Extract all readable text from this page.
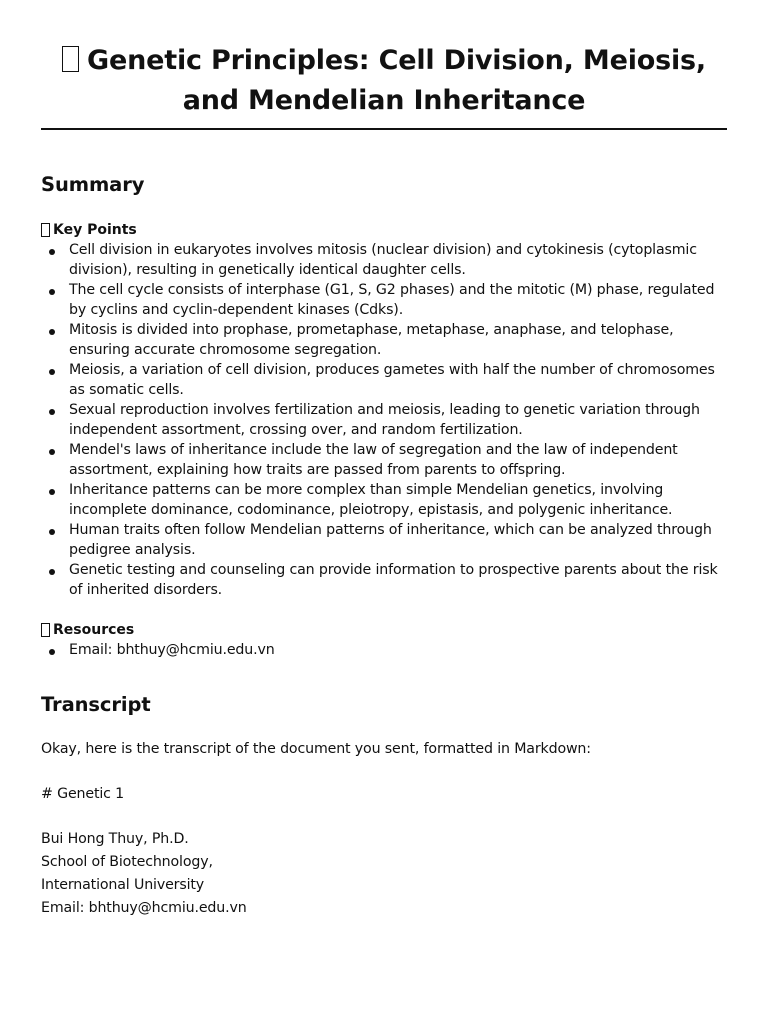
Genetic Principles: Cell Division, Meiosis, and Mendelian Inheritance
Summary
Key Points
Cell division in eukaryotes involves mitosis (nuclear division) and cytokinesis (cytoplasmic division), resulting in genetically identical daughter cells.
The cell cycle consists of interphase (G1, S, G2 phases) and the mitotic (M) phase, regulated by cyclins and cyclin-dependent kinases (Cdks).
Mitosis is divided into prophase, prometaphase, metaphase, anaphase, and telophase, ensuring accurate chromosome segregation.
Meiosis, a variation of cell division, produces gametes with half the number of chromosomes as somatic cells.
Sexual reproduction involves fertilization and meiosis, leading to genetic variation through independent assortment, crossing over, and random fertilization.
Mendel's laws of inheritance include the law of segregation and the law of independent assortment, explaining how traits are passed from parents to offspring.
Inheritance patterns can be more complex than simple Mendelian genetics, involving incomplete dominance, codominance, pleiotropy, epistasis, and polygenic inheritance.
Human traits often follow Mendelian patterns of inheritance, which can be analyzed through pedigree analysis.
Genetic testing and counseling can provide information to prospective parents about the risk of inherited disorders.
Resources
Email: bhthuy@hcmiu.edu.vn
Transcript

Okay, here is the transcript of the document you sent, formatted in Markdown:

# Genetic 1

Bui Hong Thuy, Ph.D.

School of Biotechnology,

International University

Email: bhthuy@hcmiu.edu.vn
